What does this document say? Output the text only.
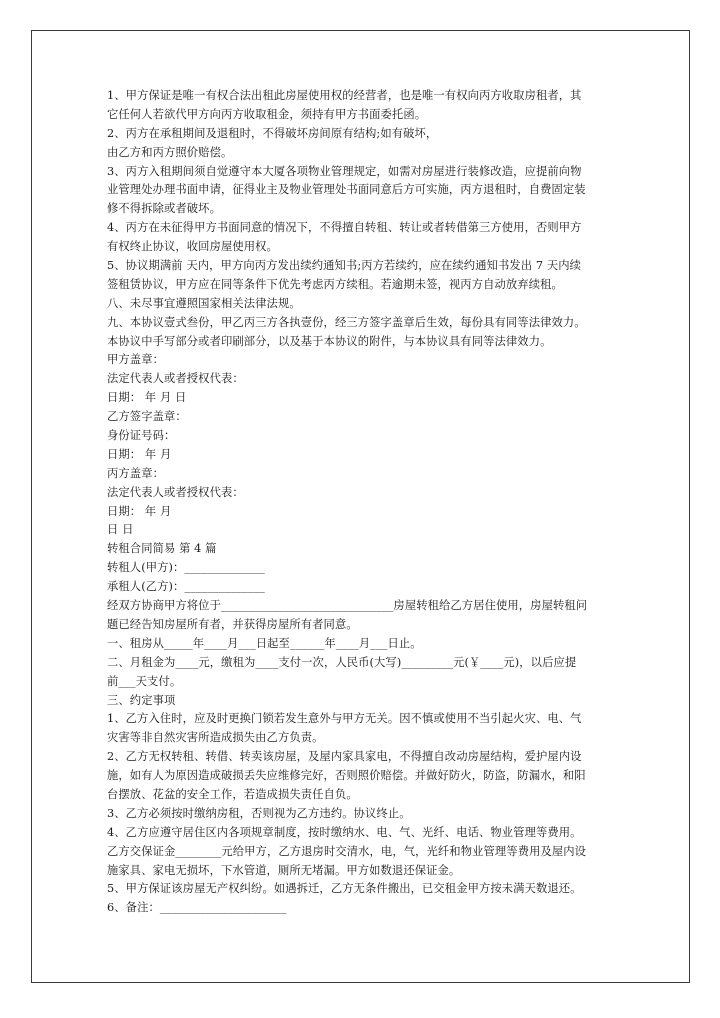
1、甲方保证是唯一有权合法出租此房屋使用权的经营者，也是唯一有权向丙方收取房租者，其
它任何人若欲代甲方向丙方收取租金，须持有甲方书面委托函。
2、丙方在承租期间及退租时，不得破坏房间原有结构;如有破坏，
由乙方和丙方照价赔偿。
3、丙方入租期间须自觉遵守本大厦各项物业管理规定，如需对房屋进行装修改造，应提前向物
业管理处办理书面申请，征得业主及物业管理处书面同意后方可实施，丙方退租时，自费固定装
修不得拆除或者破坏。
4、丙方在未征得甲方书面同意的情况下，不得擅自转租、转让或者转借第三方使用，否则甲方
有权终止协议，收回房屋使用权。
5、协议期满前 天内，甲方向丙方发出续约通知书;丙方若续约，应在续约通知书发出 7 天内续
签租赁协议，甲方应在同等条件下优先考虑丙方续租。若逾期未签，视丙方自动放弃续租。
八、未尽事宜遵照国家相关法律法规。
九、本协议壹式叁份，甲乙丙三方各执壹份，经三方签字盖章后生效，每份具有同等法律效力。
本协议中手写部分或者印刷部分，以及基于本协议的附件，与本协议具有同等法律效力。
甲方盖章：
法定代表人或者授权代表：
日期： 年 月 日
乙方签字盖章：
身份证号码：
日期： 年 月
丙方盖章：
法定代表人或者授权代表：
日期： 年 月
日 日
转租合同简易 第 4 篇
转租人(甲方)：______________
承租人(乙方)：______________
经双方协商甲方将位于______________________________房屋转租给乙方居住使用，房屋转租问
题已经告知房屋所有者，并获得房屋所有者同意。
一、租房从_____年____月___日起至______年____月___日止。
二、月租金为____元，缴租为____支付一次，人民币(大写)_________元(￥____元)，以后应提
前___天支付。
三、约定事项
1、乙方入住时，应及时更换门锁若发生意外与甲方无关。因不慎或使用不当引起火灾、电、气
灾害等非自然灾害所造成损失由乙方负责。
2、乙方无权转租、转借、转卖该房屋，及屋内家具家电，不得擅自改动房屋结构，爱护屋内设
施，如有人为原因造成破损丢失应维修完好，否则照价赔偿。并做好防火，防盗，防漏水，和阳
台摆放、花盆的安全工作，若造成损失责任自负。
3、乙方必须按时缴纳房租，否则视为乙方违约。协议终止。
4、乙方应遵守居住区内各项规章制度，按时缴纳水、电、气、光纤、电话、物业管理等费用。
乙方交保证金________元给甲方，乙方退房时交清水，电，气，光纤和物业管理等费用及屋内设
施家具、家电无损坏，下水管道，厕所无堵漏。甲方如数退还保证金。
5、甲方保证该房屋无产权纠纷。如遇拆迁，乙方无条件搬出，已交租金甲方按未满天数退还。
6、备注：______________________
